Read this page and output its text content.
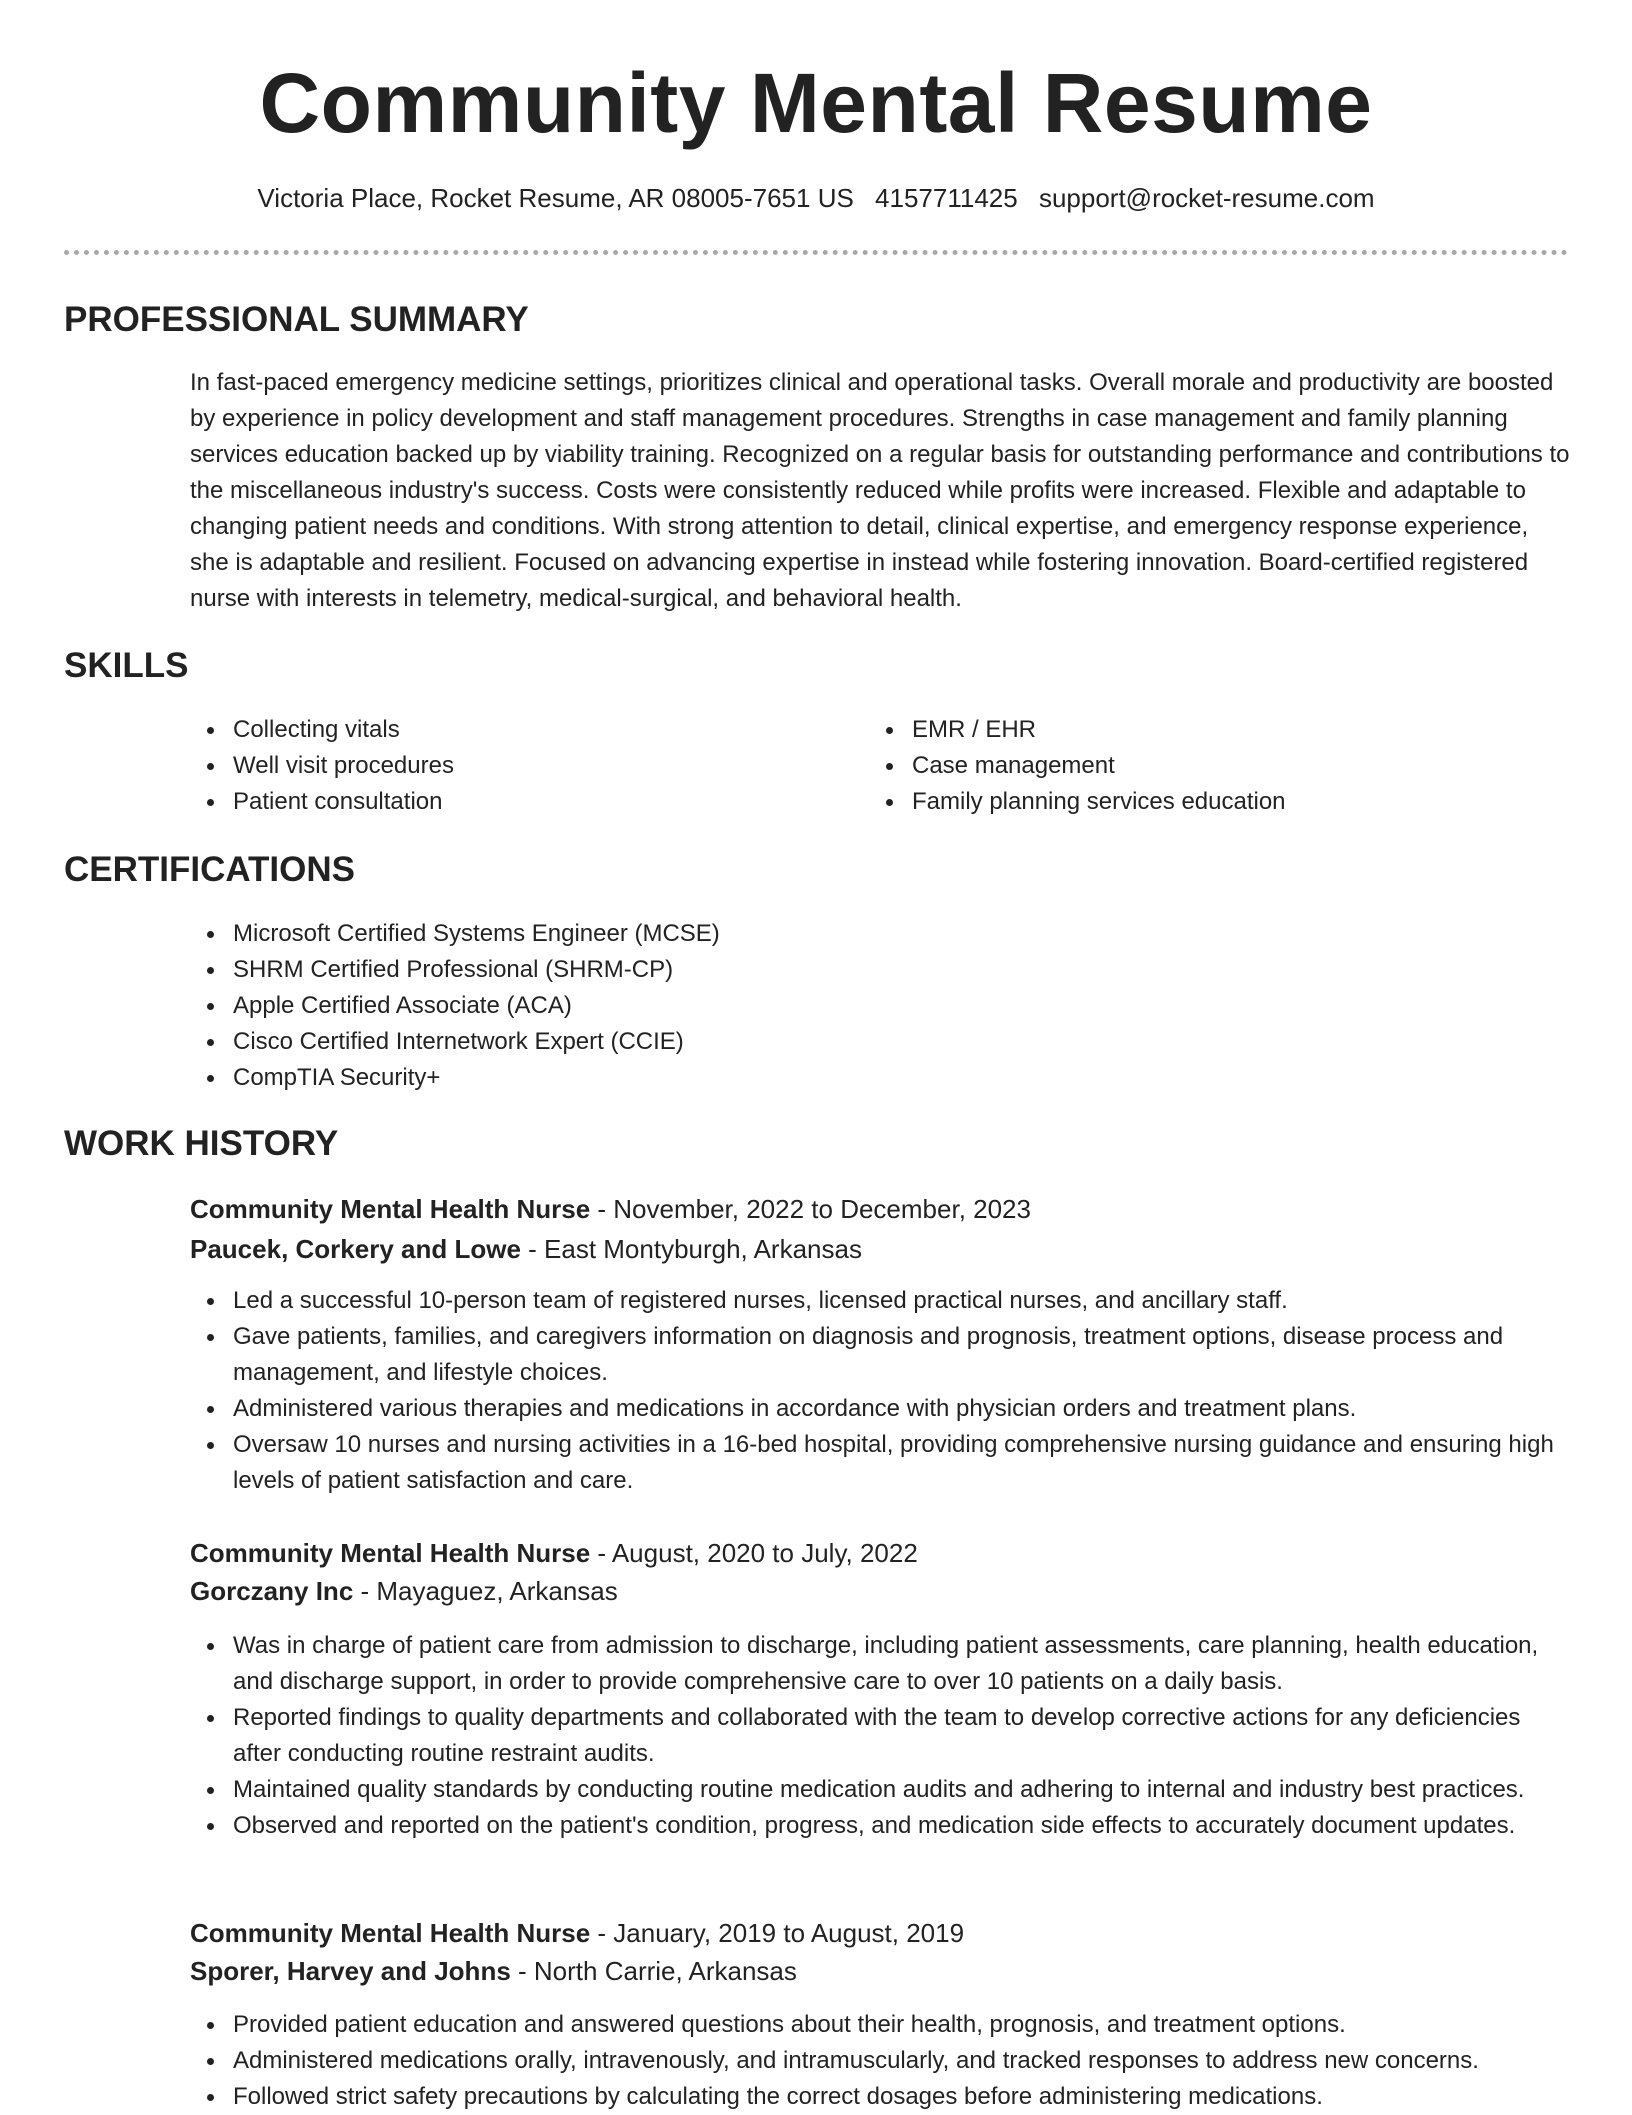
Community Mental Resume
Victoria Place, Rocket Resume, AR 08005-7651 US 4157711425 support@rocket-resume.com
PROFESSIONAL SUMMARY

In fast-paced emergency medicine settings, prioritizes clinical and operational tasks. Overall morale and productivity are boosted by experience in policy development and staff management procedures. Strengths in case management and family planning services education backed up by viability training. Recognized on a regular basis for outstanding performance and contributions to the miscellaneous industry's success. Costs were consistently reduced while profits were increased. Flexible and adaptable to changing patient needs and conditions. With strong attention to detail, clinical expertise, and emergency response experience, she is adaptable and resilient. Focused on advancing expertise in instead while fostering innovation. Board-certified registered nurse with interests in telemetry, medical-surgical, and behavioral health.

SKILLS
Collecting vitals
Well visit procedures
Patient consultation
EMR / EHR
Case management
Family planning services education
CERTIFICATIONS
Microsoft Certified Systems Engineer (MCSE)
SHRM Certified Professional (SHRM-CP)
Apple Certified Associate (ACA)
Cisco Certified Internetwork Expert (CCIE)
CompTIA Security+
WORK HISTORY
Community Mental Health Nurse - November, 2022 to December, 2023
Paucek, Corkery and Lowe - East Montyburgh, Arkansas
Led a successful 10-person team of registered nurses, licensed practical nurses, and ancillary staff.
Gave patients, families, and caregivers information on diagnosis and prognosis, treatment options, disease process and management, and lifestyle choices.
Administered various therapies and medications in accordance with physician orders and treatment plans.
Oversaw 10 nurses and nursing activities in a 16-bed hospital, providing comprehensive nursing guidance and ensuring high levels of patient satisfaction and care.
Community Mental Health Nurse - August, 2020 to July, 2022
Gorczany Inc - Mayaguez, Arkansas
Was in charge of patient care from admission to discharge, including patient assessments, care planning, health education, and discharge support, in order to provide comprehensive care to over 10 patients on a daily basis.
Reported findings to quality departments and collaborated with the team to develop corrective actions for any deficiencies after conducting routine restraint audits.
Maintained quality standards by conducting routine medication audits and adhering to internal and industry best practices.
Observed and reported on the patient's condition, progress, and medication side effects to accurately document updates.
Community Mental Health Nurse - January, 2019 to August, 2019
Sporer, Harvey and Johns - North Carrie, Arkansas
Provided patient education and answered questions about their health, prognosis, and treatment options.
Administered medications orally, intravenously, and intramuscularly, and tracked responses to address new concerns.
Followed strict safety precautions by calculating the correct dosages before administering medications.
